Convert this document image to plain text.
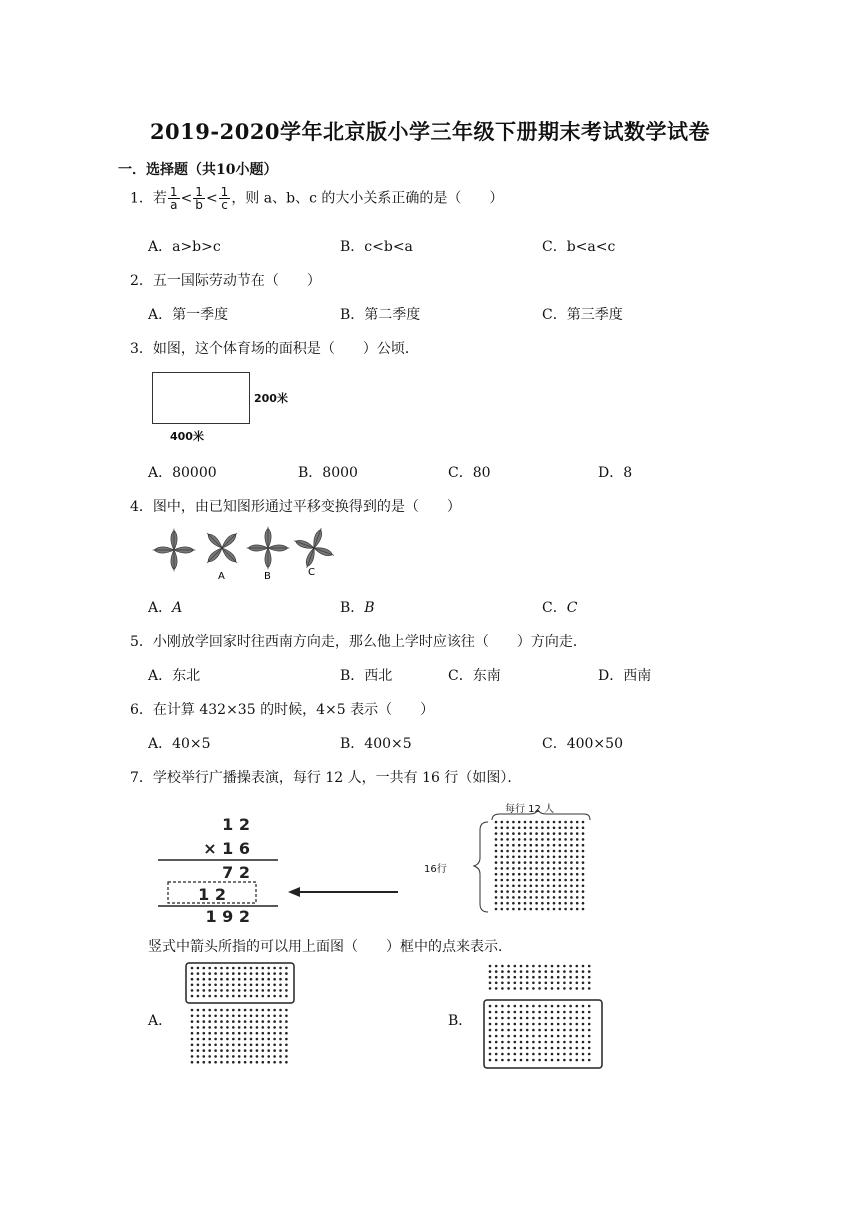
2019-2020学年北京版小学三年级下册期末考试数学试卷
一．选择题（共10小题）
1．若 $\frac{1}{a} < \frac{1}{b} < \frac{1}{c}$ ，则 a、b、c 的大小关系正确的是（　　）
A．a>b>c	B．c<b<a	C．b<a<c
2．五一国际劳动节在（　　）
A．第一季度	B．第二季度	C．第三季度
3．如图，这个体育场的面积是（　　）公顷．
200米
400米
A．80000	B．8000	C．80	D．8
4．图中，由已知图形通过平移变换得到的是（　　）
A	B	C
A．A	B．B	C．C
5．小刚放学回家时往西南方向走，那么他上学时应该往（　　）方向走．
A．东北	B．西北	C．东南	D．西南
6．在计算 432×35 的时候，4×5 表示（　　）
A．40×5	B．400×5	C．400×50
7．学校举行广播操表演，每行 12 人，一共有 16 行（如图）．
1 2
× 1 6
7 2
1 2
1 9 2
每行 12 人
16行
竖式中箭头所指的可以用上面图（　　）框中的点来表示．
A．	B．
